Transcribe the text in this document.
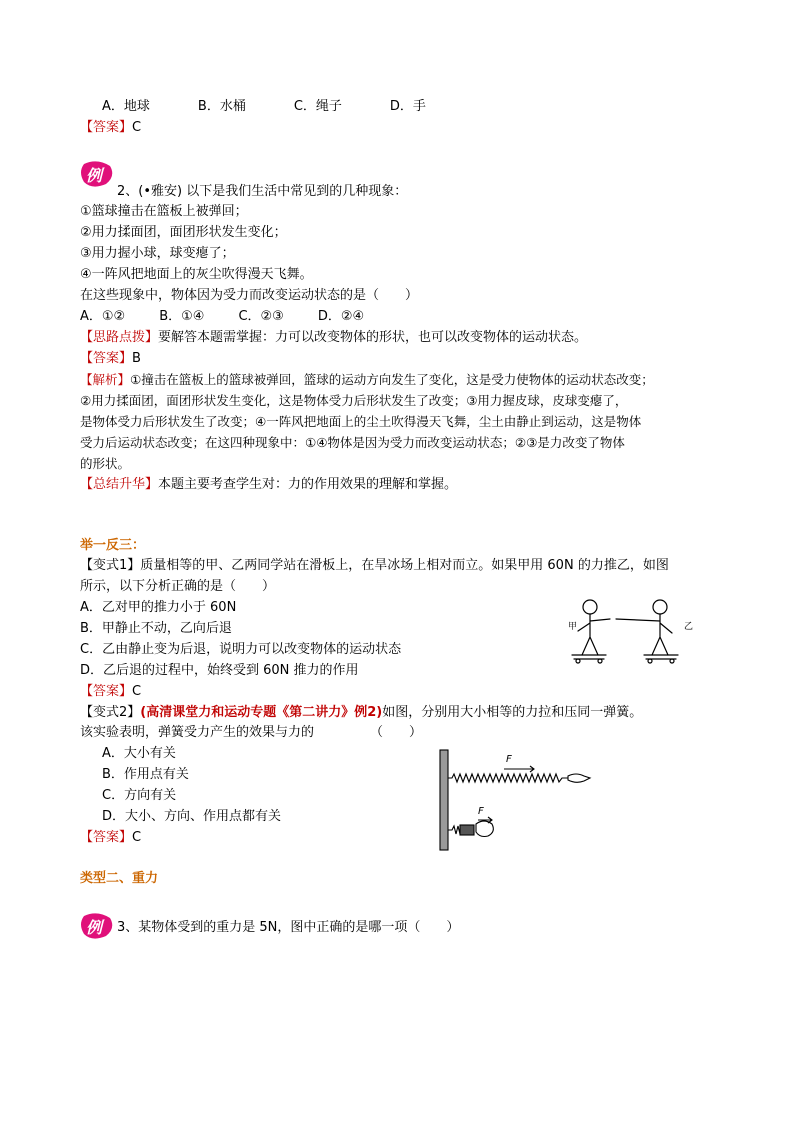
A．地球	B．水桶	C．绳子	D．手
【答案】C
例
2、(•雅安) 以下是我们生活中常见到的几种现象：
①篮球撞击在篮板上被弹回；
②用力揉面团，面团形状发生变化；
③用力握小球，球变瘪了；
④一阵风把地面上的灰尘吹得漫天飞舞。
在这些现象中，物体因为受力而改变运动状态的是（　　）
A．①②	B．①④	C．②③	D．②④
【思路点拨】要解答本题需掌握：力可以改变物体的形状，也可以改变物体的运动状态。
【答案】B
【解析】①撞击在篮板上的篮球被弹回，篮球的运动方向发生了变化，这是受力使物体的运动状态改变；
②用力揉面团，面团形状发生变化，这是物体受力后形状发生了改变；③用力握皮球，皮球变瘪了，
是物体受力后形状发生了改变；④一阵风把地面上的尘土吹得漫天飞舞，尘土由静止到运动，这是物体
受力后运动状态改变；在这四种现象中：①④物体是因为受力而改变运动状态；②③是力改变了物体
的形状。
【总结升华】本题主要考查学生对：力的作用效果的理解和掌握。
举一反三：
【变式1】质量相等的甲、乙两同学站在滑板上，在旱冰场上相对而立。如果甲用 60N 的力推乙，如图
所示，以下分析正确的是（　　）
A．乙对甲的推力小于 60N
B．甲静止不动，乙向后退
C．乙由静止变为后退，说明力可以改变物体的运动状态
D．乙后退的过程中，始终受到 60N 推力的作用
【答案】C
甲	乙
【变式2】(高清课堂力和运动专题《第二讲力》例2)如图，分别用大小相等的力拉和压同一弹簧。
该实验表明，弹簧受力产生的效果与力的	（　　）
A．大小有关
B．作用点有关
C．方向有关
D．大小、方向、作用点都有关
【答案】C
F
F
类型二、重力
例 3、某物体受到的重力是 5N，图中正确的是哪一项（　　）
